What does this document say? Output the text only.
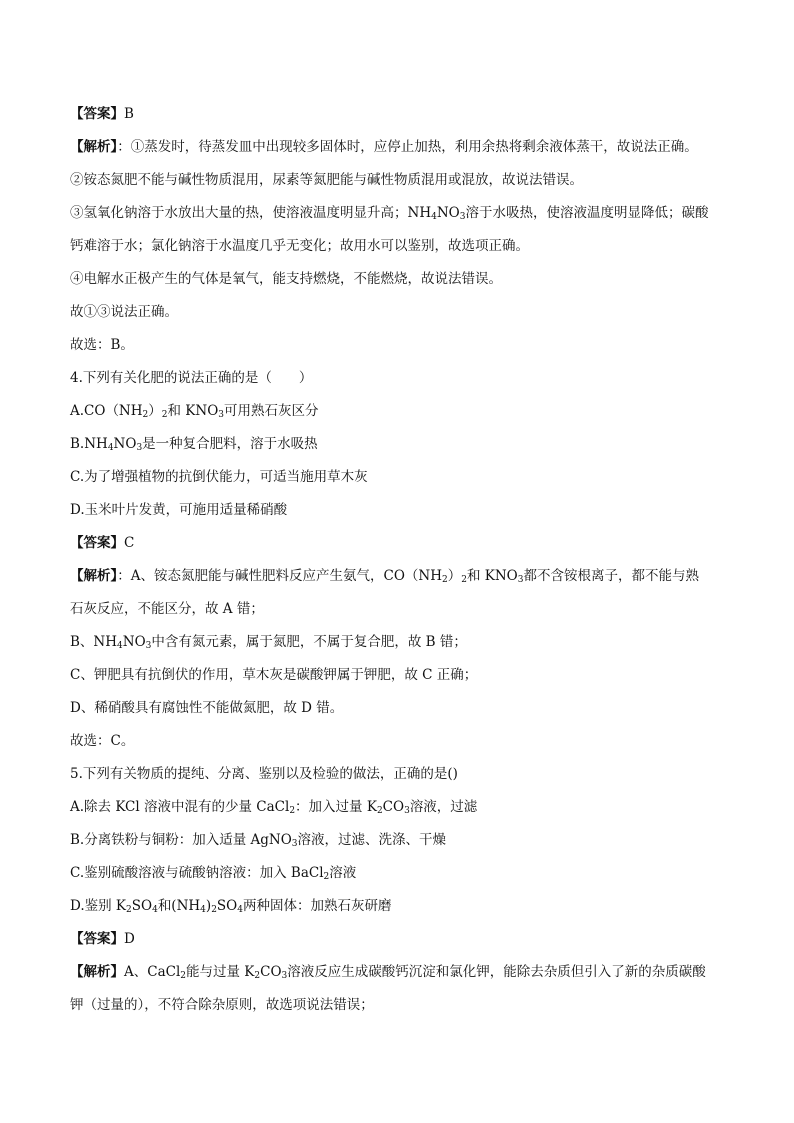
【答案】B

【解析】：①蒸发时，待蒸发皿中出现较多固体时，应停止加热，利用余热将剩余液体蒸干，故说法正确。

②铵态氮肥不能与碱性物质混用，尿素等氮肥能与碱性物质混用或混放，故说法错误。

③氢氧化钠溶于水放出大量的热，使溶液温度明显升高；$NH_4NO_3$溶于水吸热，使溶液温度明显降低；碳酸

钙难溶于水；氯化钠溶于水温度几乎无变化；故用水可以鉴别，故选项正确。

④电解水正极产生的气体是氧气，能支持燃烧，不能燃烧，故说法错误。

故①③说法正确。

故选：B。

4.下列有关化肥的说法正确的是（　　）

$A.CO(NH_2)_2$和 $KNO_3$可用熟石灰区分

$B.NH_4NO_3$是一种复合肥料，溶于水吸热

C.为了增强植物的抗倒伏能力，可适当施用草木灰

D.玉米叶片发黄，可施用适量稀硝酸

【答案】C

【解析】：A、铵态氮肥能与碱性肥料反应产生氨气，$CO(NH_2)_2$和 $KNO_3$都不含铵根离子，都不能与熟

石灰反应，不能区分，故 A 错；

B、$NH_4NO_3$中含有氮元素，属于氮肥，不属于复合肥，故 B 错；

C、钾肥具有抗倒伏的作用，草木灰是碳酸钾属于钾肥，故 C 正确；

D、稀硝酸具有腐蚀性不能做氮肥，故 D 错。

故选：C。

5.下列有关物质的提纯、分离、鉴别以及检验的做法，正确的是()

A.除去 KCl 溶液中混有的少量 CaCl$_2$：加入过量 $K_2CO_3$溶液，过滤

B.分离铁粉与铜粉：加入适量 AgNO$_3$溶液，过滤、洗涤、干燥

C.鉴别硫酸溶液与硫酸钠溶液：加入 BaCl$_2$溶液

D.鉴别 $K_2SO_4$和$(NH_4)_2SO_4$两种固体：加熟石灰研磨

【答案】D

【解析】A、CaCl$_2$能与过量 $K_2CO_3$溶液反应生成碳酸钙沉淀和氯化钾，能除去杂质但引入了新的杂质碳酸

钾（过量的），不符合除杂原则，故选项说法错误；
